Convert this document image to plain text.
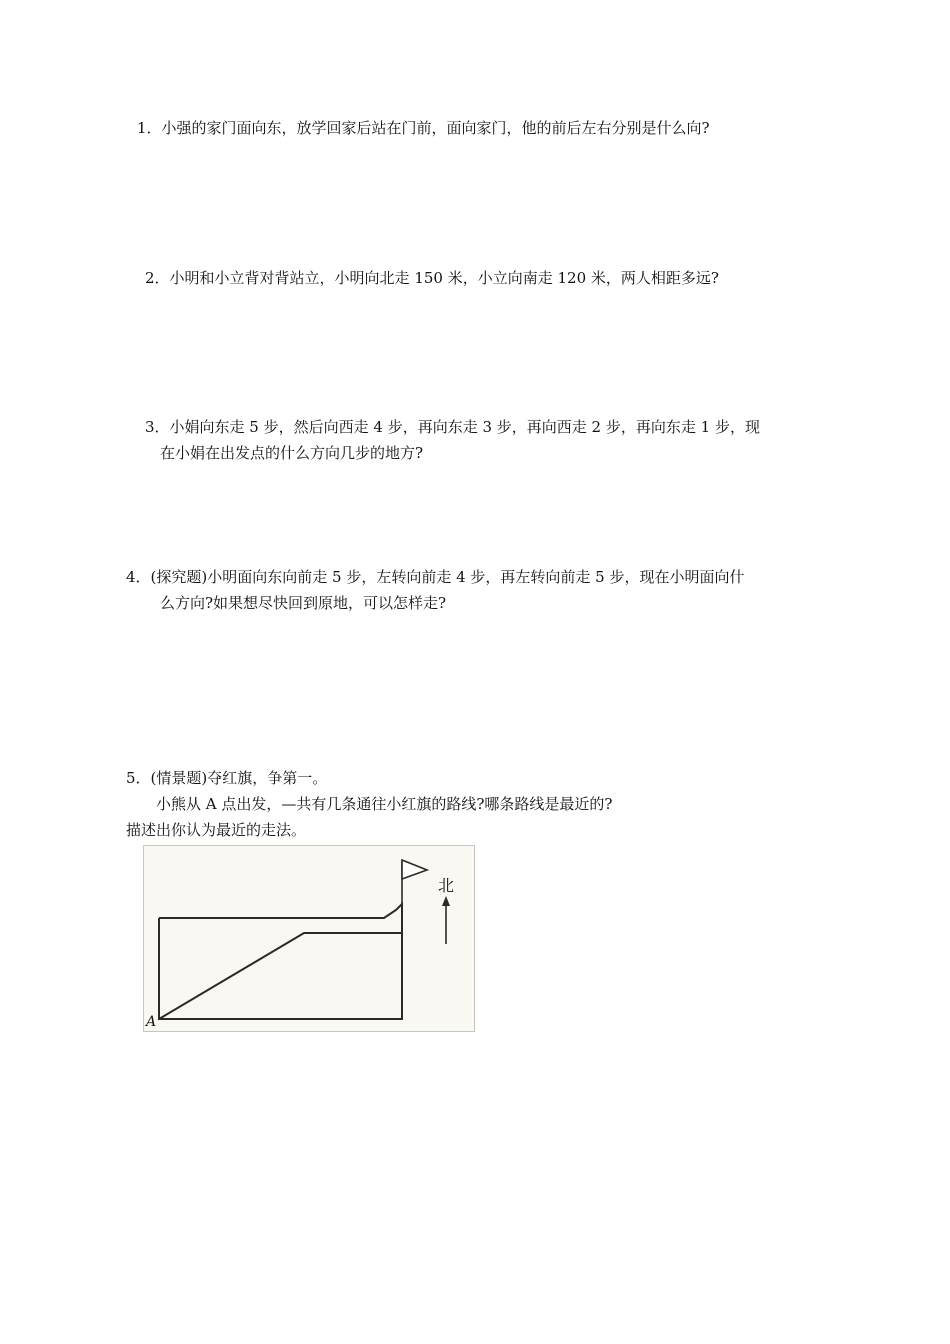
1．小强的家门面向东，放学回家后站在门前，面向家门，他的前后左右分别是什么向?
2．小明和小立背对背站立，小明向北走 150 米，小立向南走 120 米，两人相距多远?
3．小娟向东走 5 步，然后向西走 4 步，再向东走 3 步，再向西走 2 步，再向东走 1 步，现
在小娟在出发点的什么方向几步的地方?
4．(探究题)小明面向东向前走 5 步，左转向前走 4 步，再左转向前走 5 步，现在小明面向什
么方向?如果想尽快回到原地，可以怎样走?
5．(情景题)夺红旗，争第一。
小熊从 A 点出发，—共有几条通往小红旗的路线?哪条路线是最近的?
描述出你认为最近的走法。
北
A
